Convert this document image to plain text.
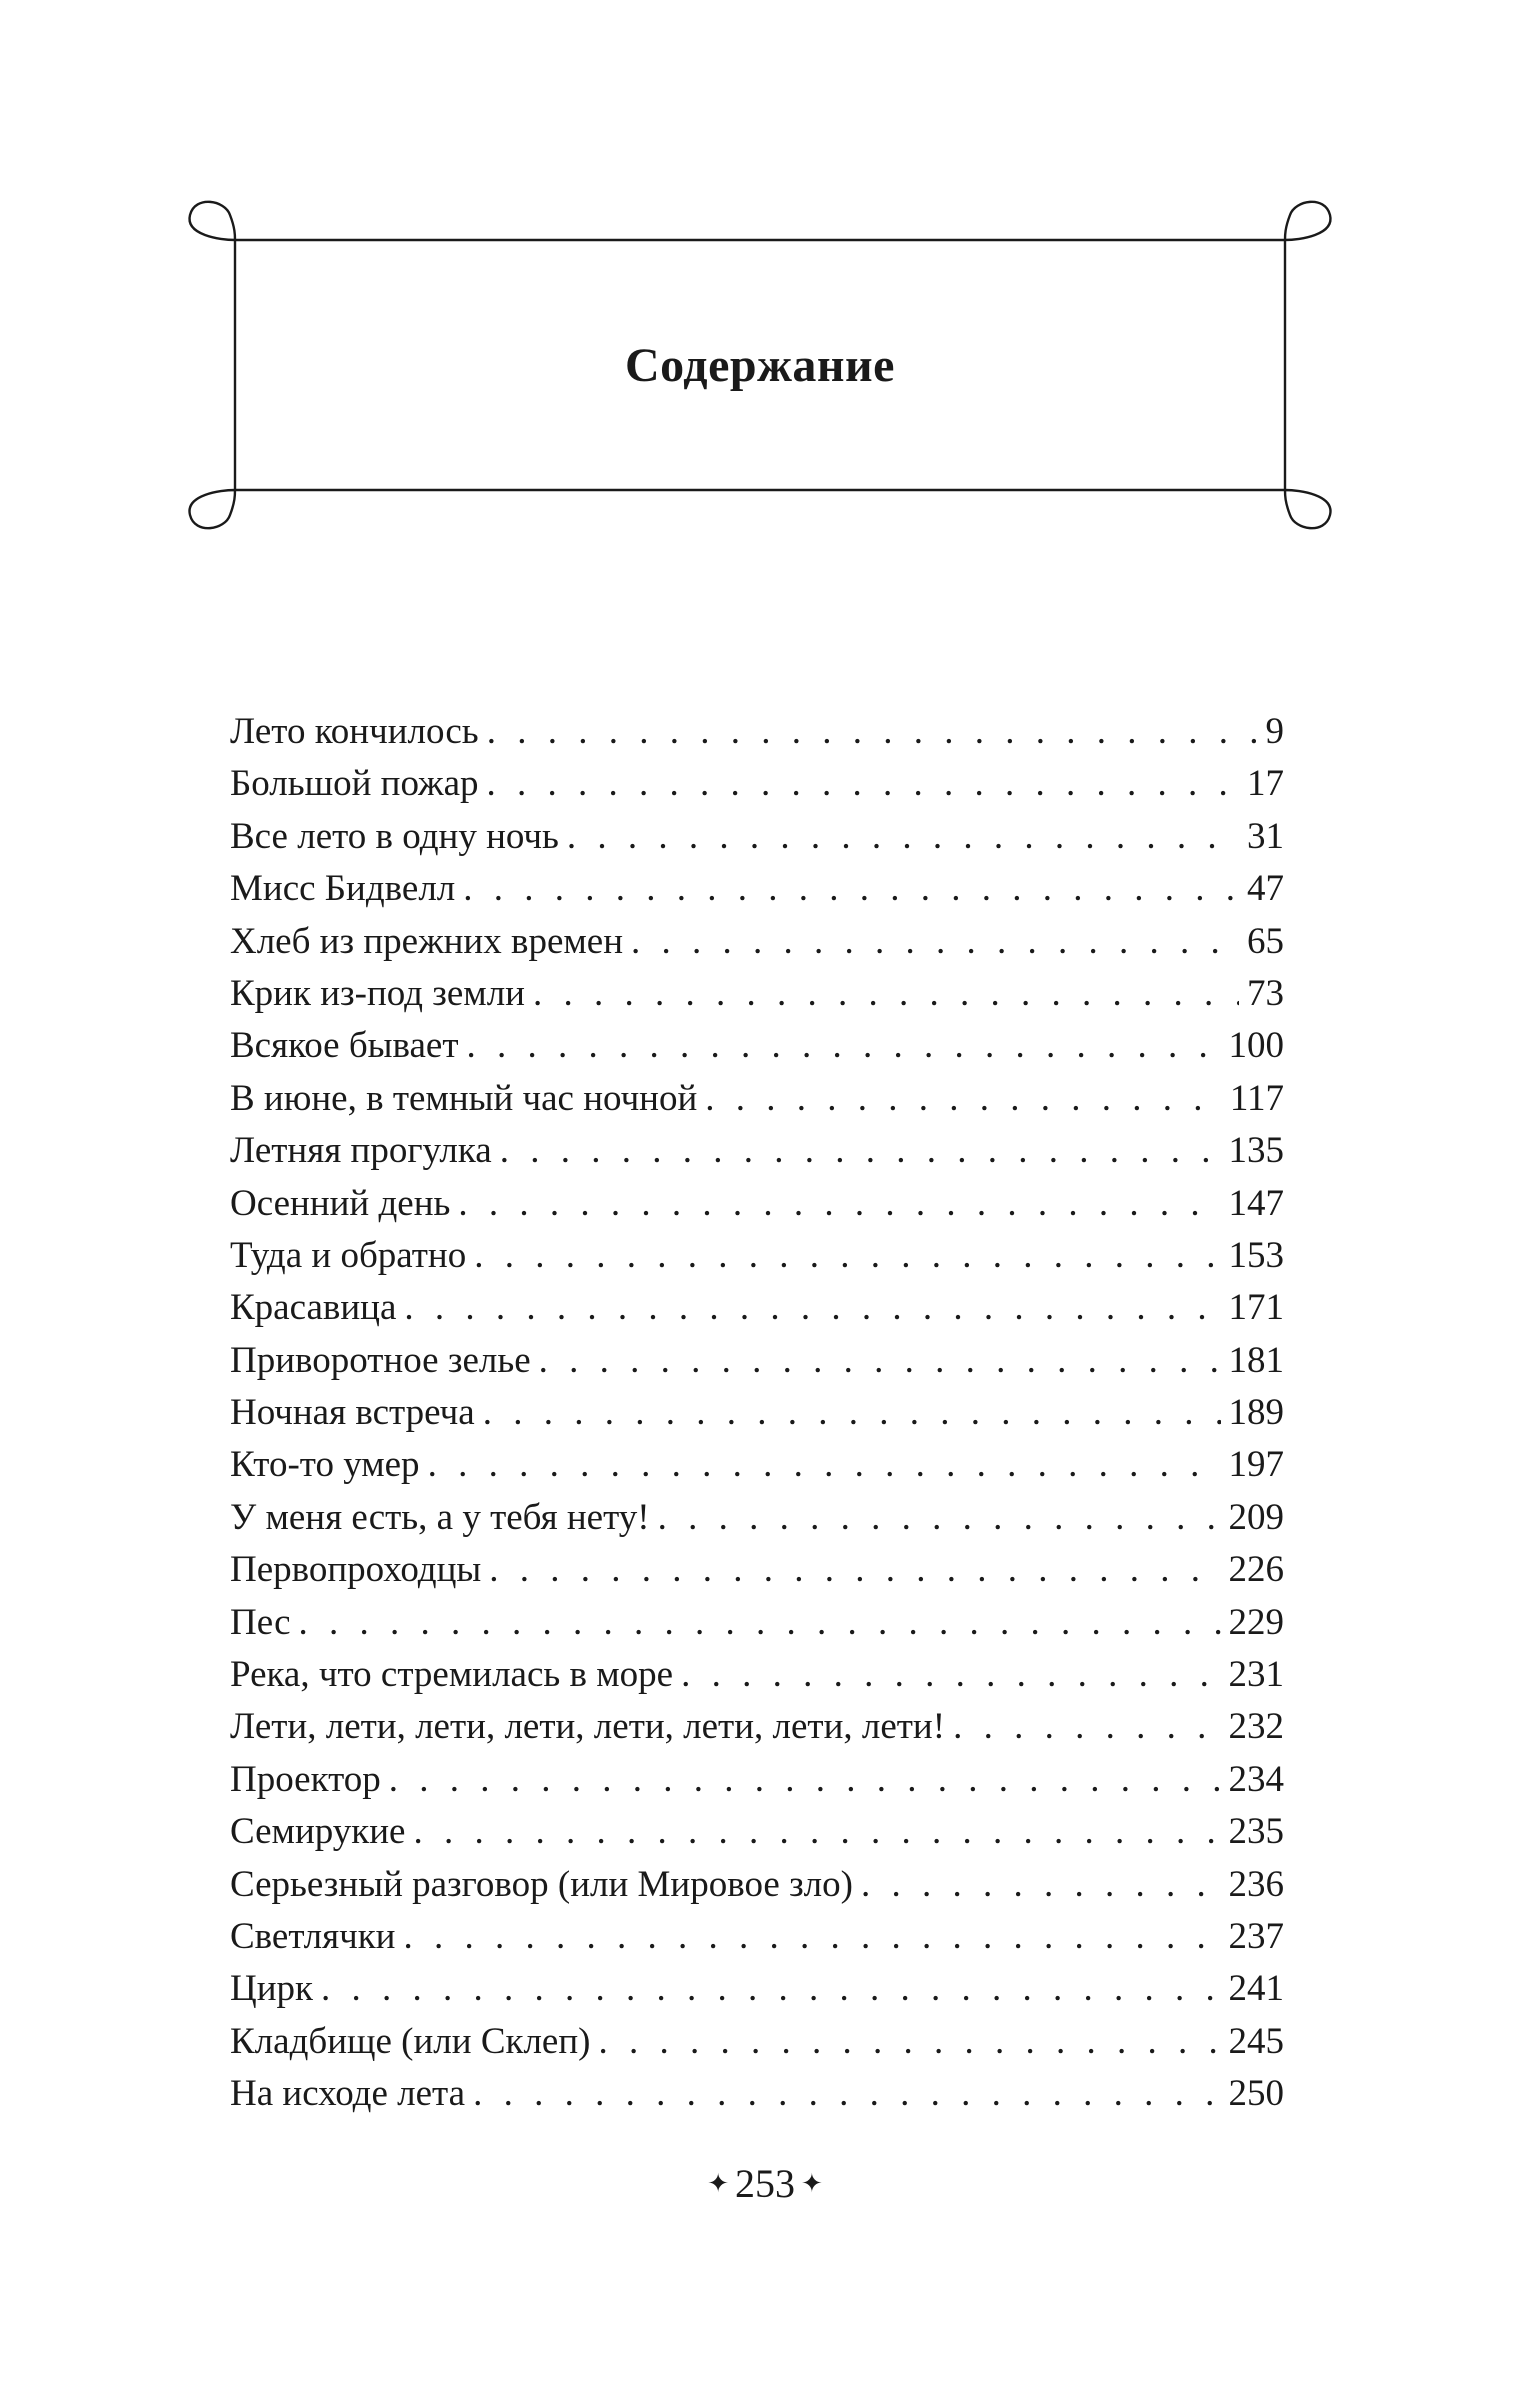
Содержание
Лето кончилось . . .	9
Большой пожар . . .	17
Все лето в одну ночь . . .	31
Мисс Бидвелл . . .	47
Хлеб из прежних времен . . .	65
Крик из-под земли . . .	73
Всякое бывает . . .	100
В июне, в темный час ночной . . .	117
Летняя прогулка . . .	135
Осенний день . . .	147
Туда и обратно . . .	153
Красавица . . .	171
Приворотное зелье . . .	181
Ночная встреча . . .	189
Кто-то умер . . .	197
У меня есть, а у тебя нету! . . .	209
Первопроходцы . . .	226
Пес . . .	229
Река, что стремилась в море . . .	231
Лети, лети, лети, лети, лети, лети, лети, лети! . . .	232
Проектор . . .	234
Семирукие . . .	235
Серьезный разговор (или Мировое зло) . . .	236
Светлячки . . .	237
Цирк . . .	241
Кладбище (или Склеп) . . .	245
На исходе лета . . .	250
✦ 253 ✦
